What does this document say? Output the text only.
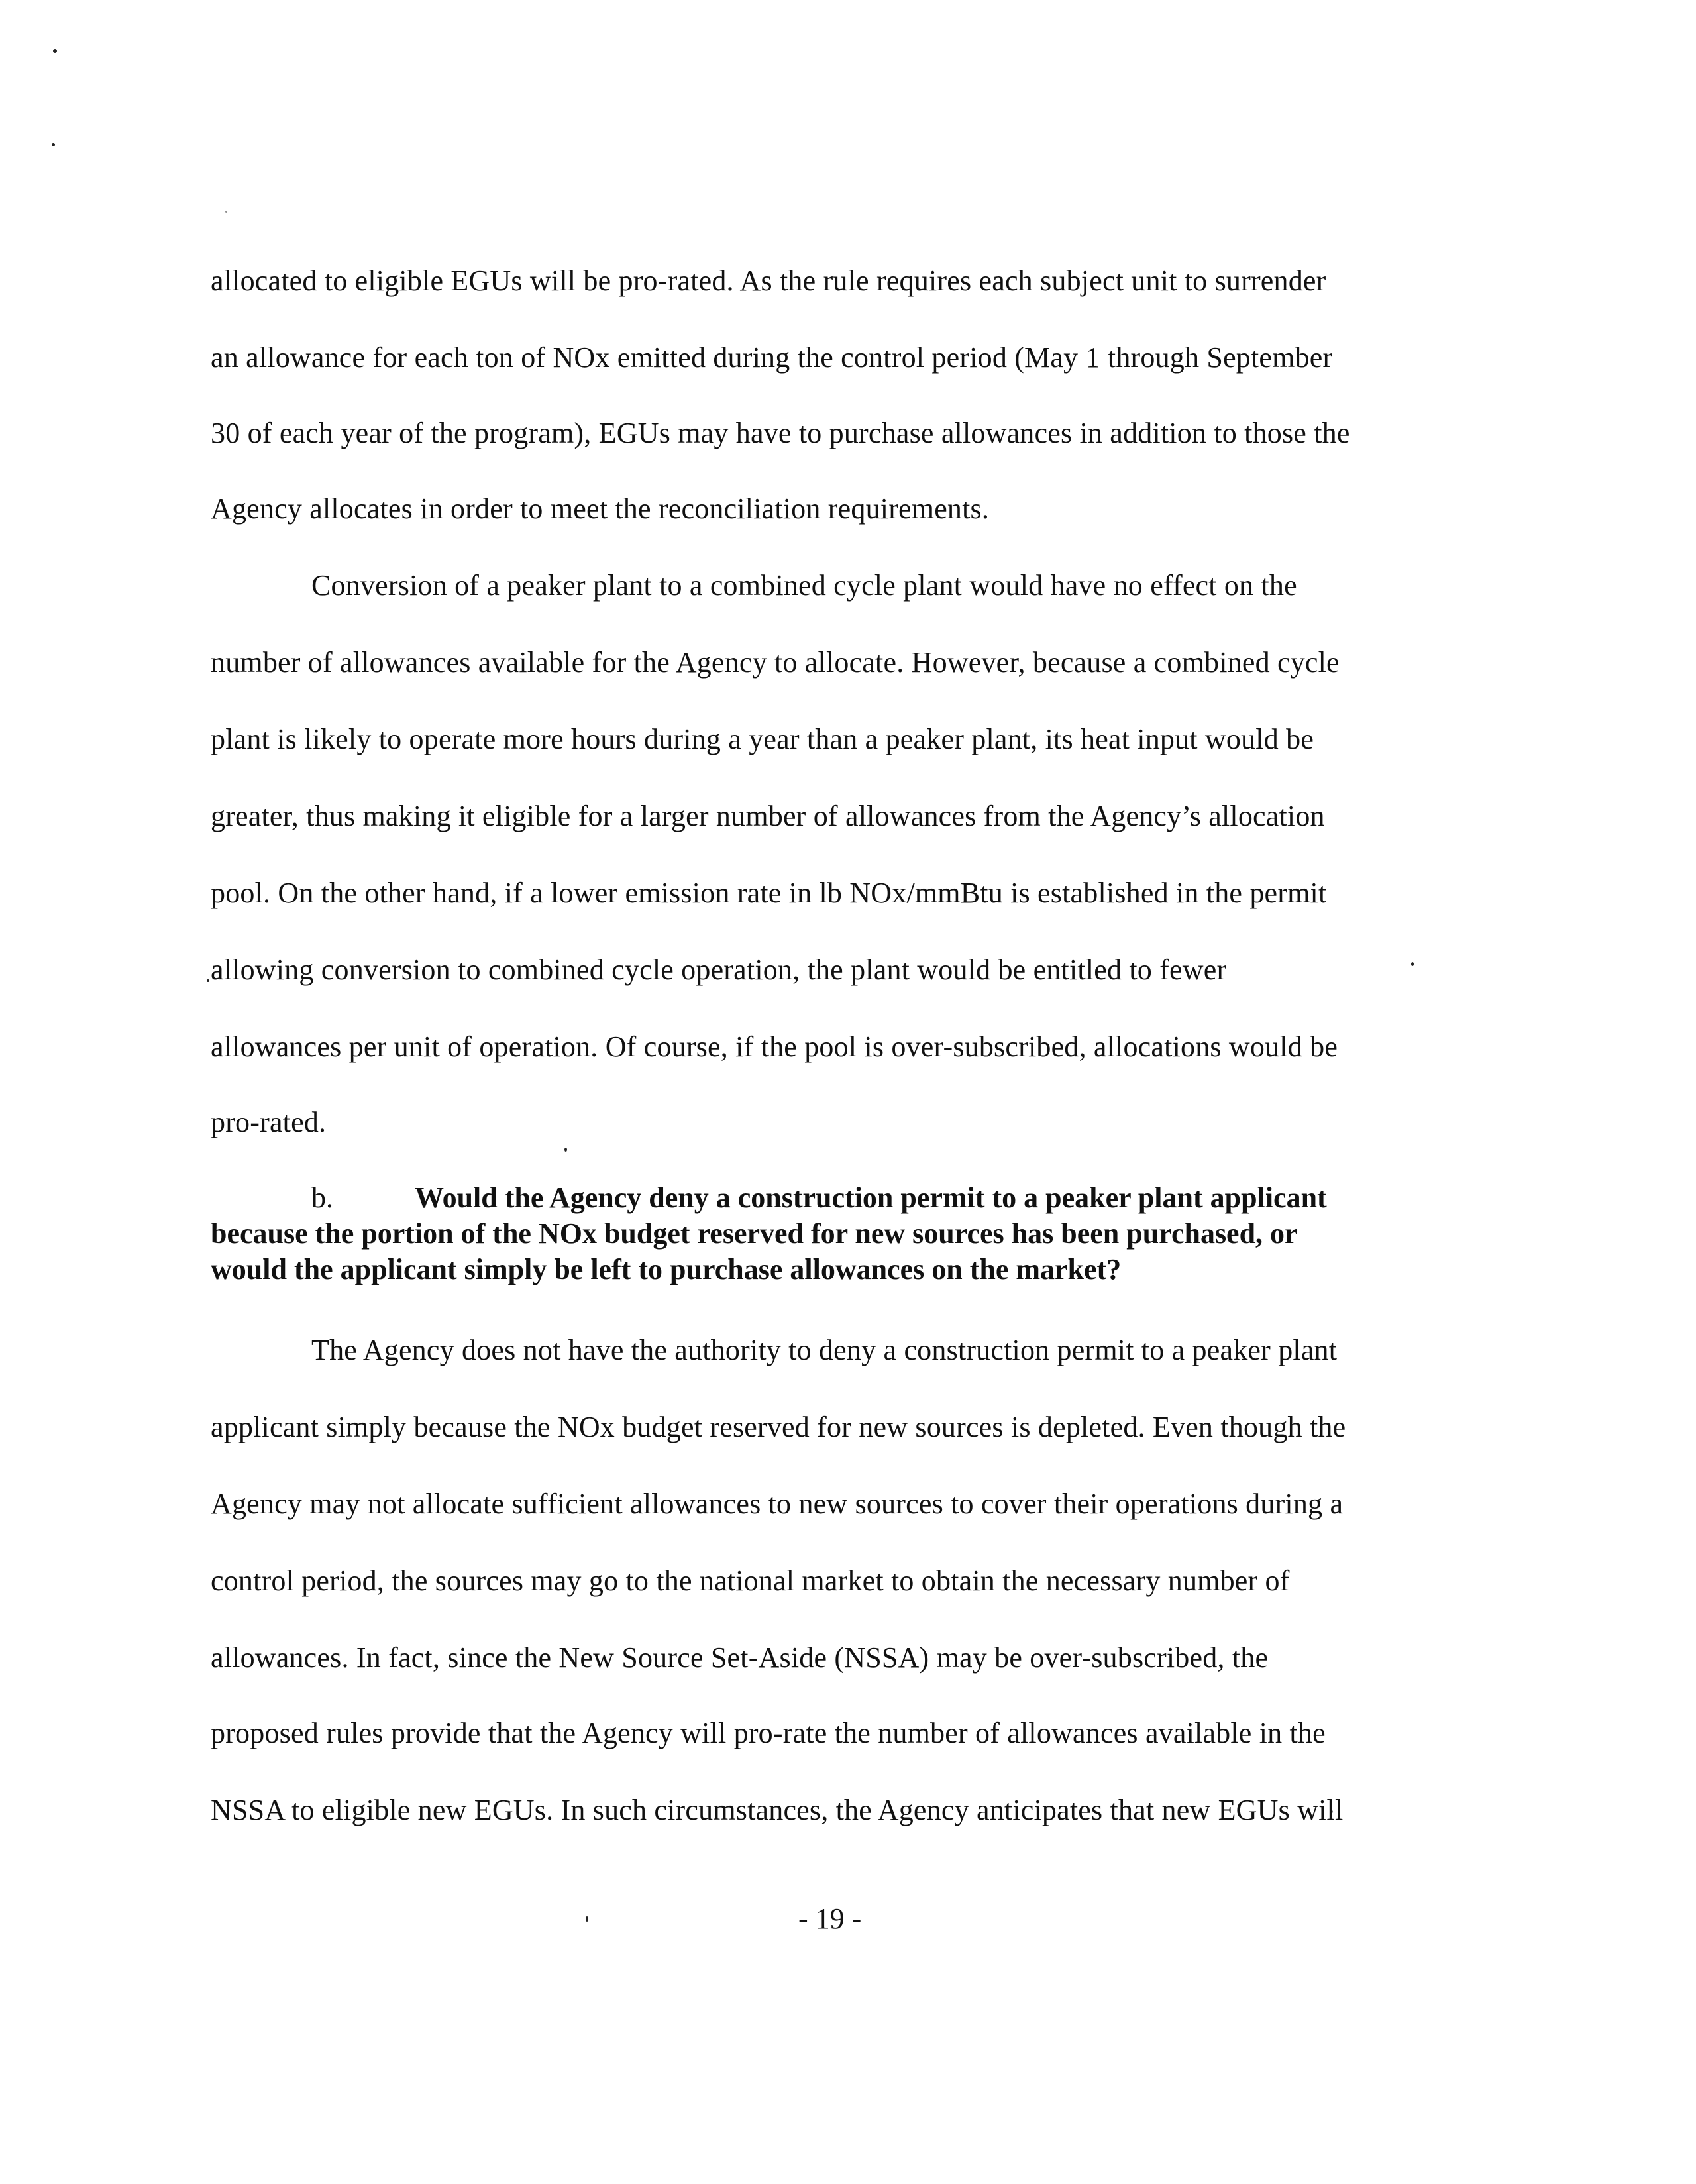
allocated to eligible EGUs will be pro-rated. As the rule requires each subject unit to surrender
an allowance for each ton of NOx emitted during the control period (May 1 through September
30 of each year of the program), EGUs may have to purchase allowances in addition to those the
Agency allocates in order to meet the reconciliation requirements.
Conversion of a peaker plant to a combined cycle plant would have no effect on the
number of allowances available for the Agency to allocate. However, because a combined cycle
plant is likely to operate more hours during a year than a peaker plant, its heat input would be
greater, thus making it eligible for a larger number of allowances from the Agency’s allocation
pool. On the other hand, if a lower emission rate in lb NOx/mmBtu is established in the permit
allowing conversion to combined cycle operation, the plant would be entitled to fewer
allowances per unit of operation. Of course, if the pool is over-subscribed, allocations would be
pro-rated.
b.	Would the Agency deny a construction permit to a peaker plant applicant
because the portion of the NOx budget reserved for new sources has been purchased, or
would the applicant simply be left to purchase allowances on the market?
The Agency does not have the authority to deny a construction permit to a peaker plant
applicant simply because the NOx budget reserved for new sources is depleted. Even though the
Agency may not allocate sufficient allowances to new sources to cover their operations during a
control period, the sources may go to the national market to obtain the necessary number of
allowances. In fact, since the New Source Set-Aside (NSSA) may be over-subscribed, the
proposed rules provide that the Agency will pro-rate the number of allowances available in the
NSSA to eligible new EGUs. In such circumstances, the Agency anticipates that new EGUs will
- 19 -
